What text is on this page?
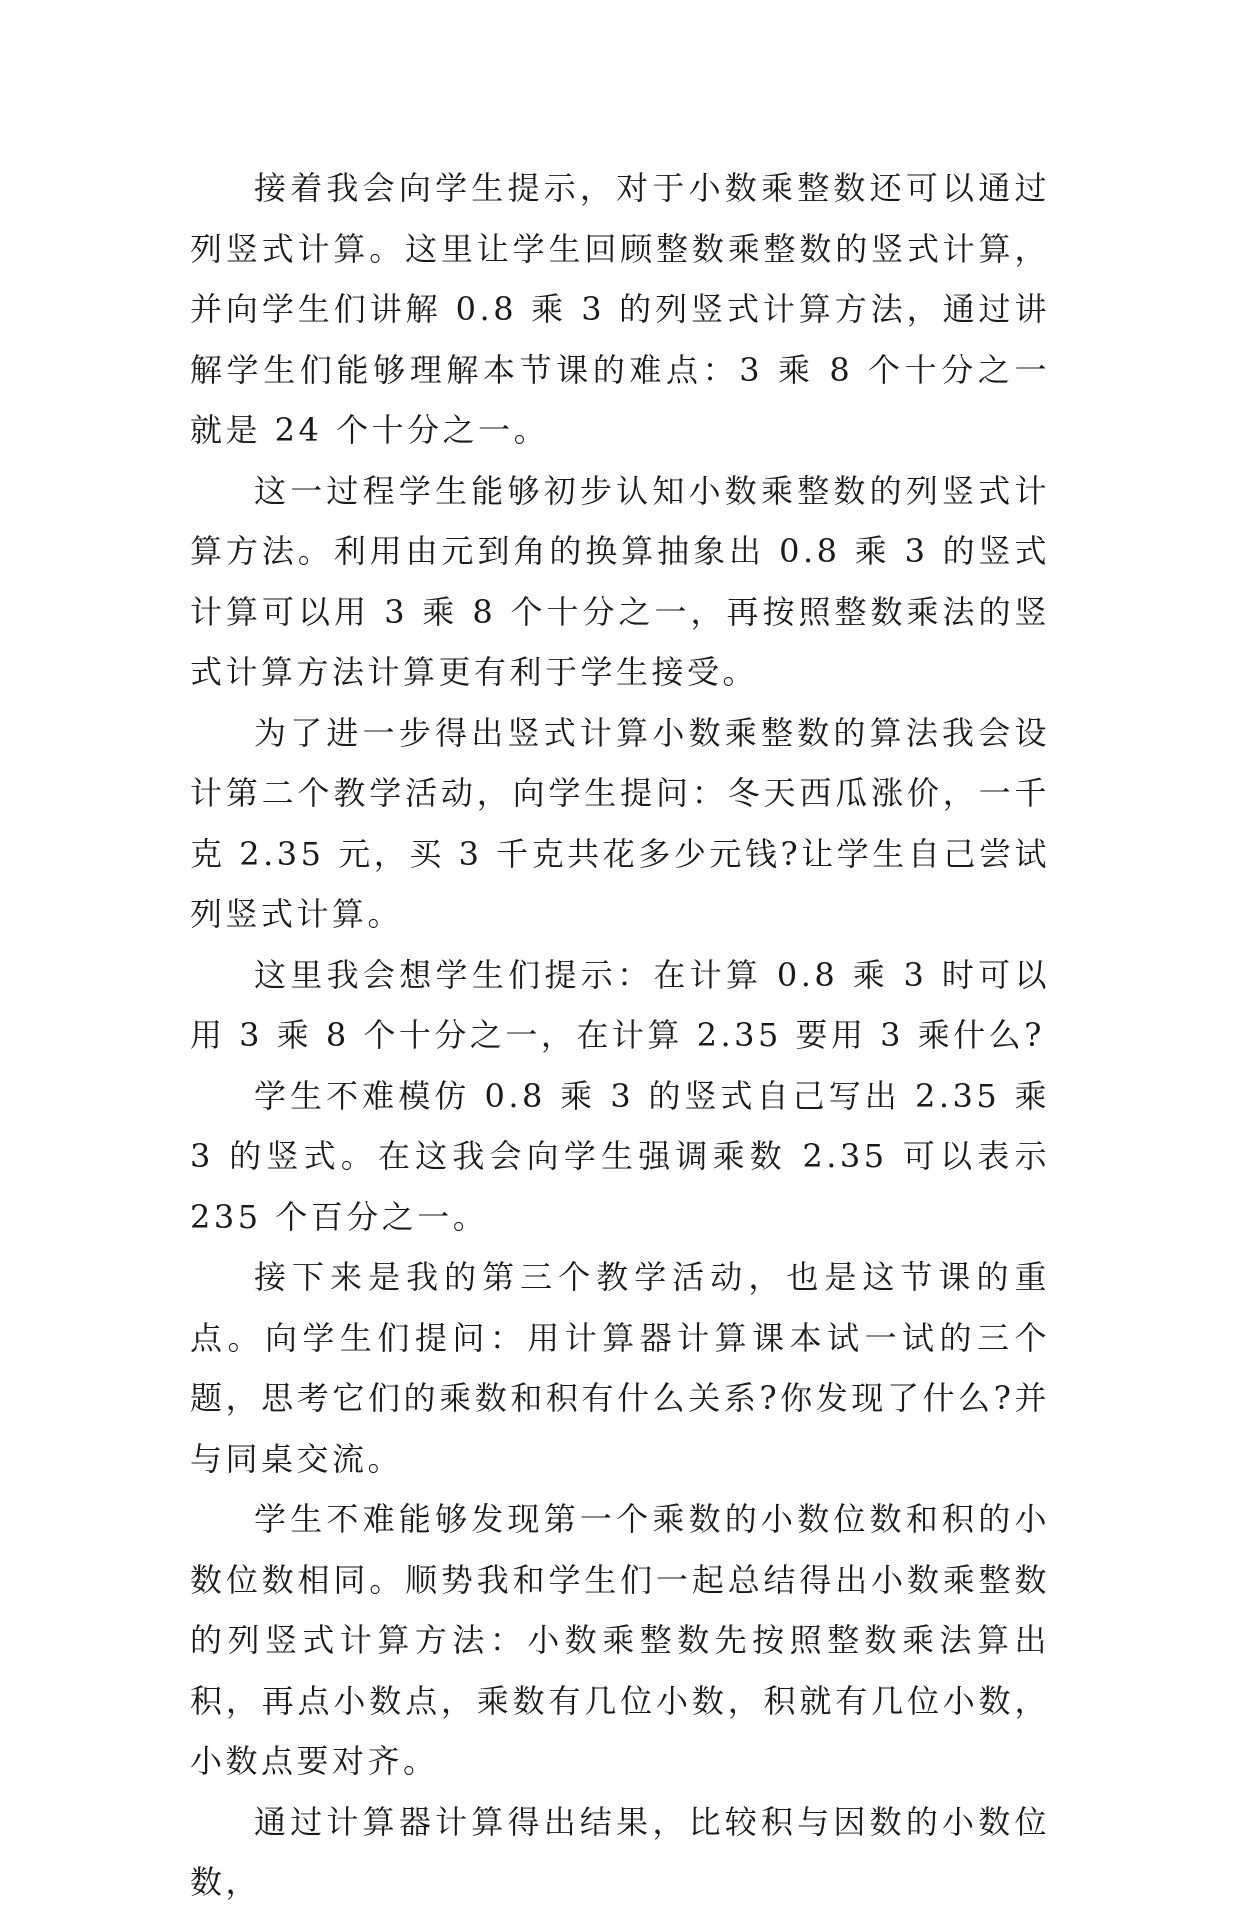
接着我会向学生提示，对于小数乘整数还可以通过列竖式计算。这里让学生回顾整数乘整数的竖式计算，并向学生们讲解 0.8 乘 3 的列竖式计算方法，通过讲解学生们能够理解本节课的难点：3 乘 8 个十分之一就是 24 个十分之一。

这一过程学生能够初步认知小数乘整数的列竖式计算方法。利用由元到角的换算抽象出 0.8 乘 3 的竖式计算可以用 3 乘 8 个十分之一，再按照整数乘法的竖式计算方法计算更有利于学生接受。

为了进一步得出竖式计算小数乘整数的算法我会设计第二个教学活动，向学生提问：冬天西瓜涨价，一千克 2.35 元，买 3 千克共花多少元钱?让学生自己尝试列竖式计算。

这里我会想学生们提示：在计算 0.8 乘 3 时可以用 3 乘 8 个十分之一，在计算 2.35 要用 3 乘什么?

学生不难模仿 0.8 乘 3 的竖式自己写出 2.35 乘 3 的竖式。在这我会向学生强调乘数 2.35 可以表示 235 个百分之一。

接下来是我的第三个教学活动，也是这节课的重点。向学生们提问：用计算器计算课本试一试的三个题，思考它们的乘数和积有什么关系?你发现了什么?并与同桌交流。

学生不难能够发现第一个乘数的小数位数和积的小数位数相同。顺势我和学生们一起总结得出小数乘整数的列竖式计算方法：小数乘整数先按照整数乘法算出积，再点小数点，乘数有几位小数，积就有几位小数，小数点要对齐。

通过计算器计算得出结果，比较积与因数的小数位数，
